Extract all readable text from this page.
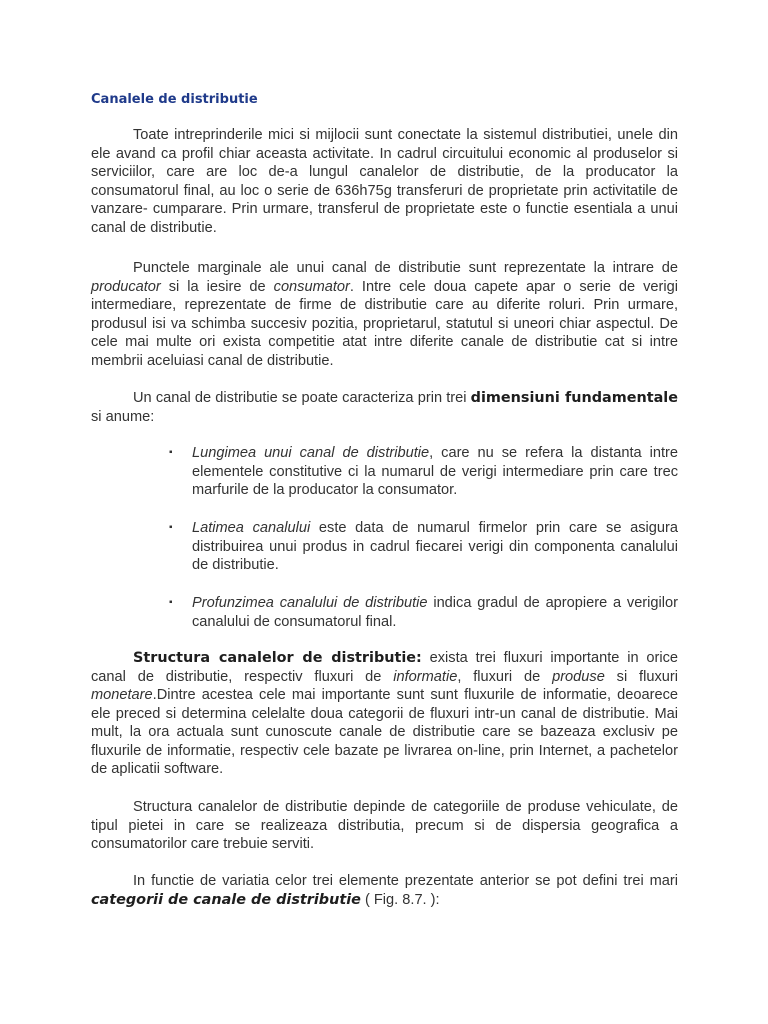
Canalele de distributie

Toate intreprinderile mici si mijlocii sunt conectate la sistemul distributiei, unele din ele avand ca profil chiar aceasta activitate. In cadrul circuitului economic al produselor si serviciilor, care are loc de-a lungul canalelor de distributie, de la producator la consumatorul final, au loc o serie de 636h75g transferuri de proprietate prin activitatile de vanzare- cumparare. Prin urmare, transferul de proprietate este o functie esentiala a unui canal de distributie.

Punctele marginale ale unui canal de distributie sunt reprezentate la intrare de producator si la iesire de consumator. Intre cele doua capete apar o serie de verigi intermediare, reprezentate de firme de distributie care au diferite roluri. Prin urmare, produsul isi va schimba succesiv pozitia, proprietarul, statutul si uneori chiar aspectul. De cele mai multe ori exista competitie atat intre diferite canale de distributie cat si intre membrii aceluiasi canal de distributie.

Un canal de distributie se poate caracteriza prin trei dimensiuni fundamentale si anume:

▪	Lungimea unui canal de distributie, care nu se refera la distanta intre elementele constitutive ci la numarul de verigi intermediare prin care trec marfurile de la producator la consumator.

▪	Latimea canalului este data de numarul firmelor prin care se asigura distribuirea unui produs in cadrul fiecarei verigi din componenta canalului de distributie.

▪	Profunzimea canalului de distributie indica gradul de apropiere a verigilor canalului de consumatorul final.

Structura canalelor de distributie: exista trei fluxuri importante in orice canal de distributie, respectiv fluxuri de informatie, fluxuri de produse si fluxuri monetare.Dintre acestea cele mai importante sunt sunt fluxurile de informatie, deoarece ele preced si determina celelalte doua categorii de fluxuri intr-un canal de distributie. Mai mult, la ora actuala sunt cunoscute canale de distributie care se bazeaza exclusiv pe fluxurile de informatie, respectiv cele bazate pe livrarea on-line, prin Internet, a pachetelor de aplicatii software.

Structura canalelor de distributie depinde de categoriile de produse vehiculate, de tipul pietei in care se realizeaza distributia, precum si de dispersia geografica a consumatorilor care trebuie serviti.

In functie de variatia celor trei elemente prezentate anterior se pot defini trei mari categorii de canale de distributie ( Fig. 8.7. ):
